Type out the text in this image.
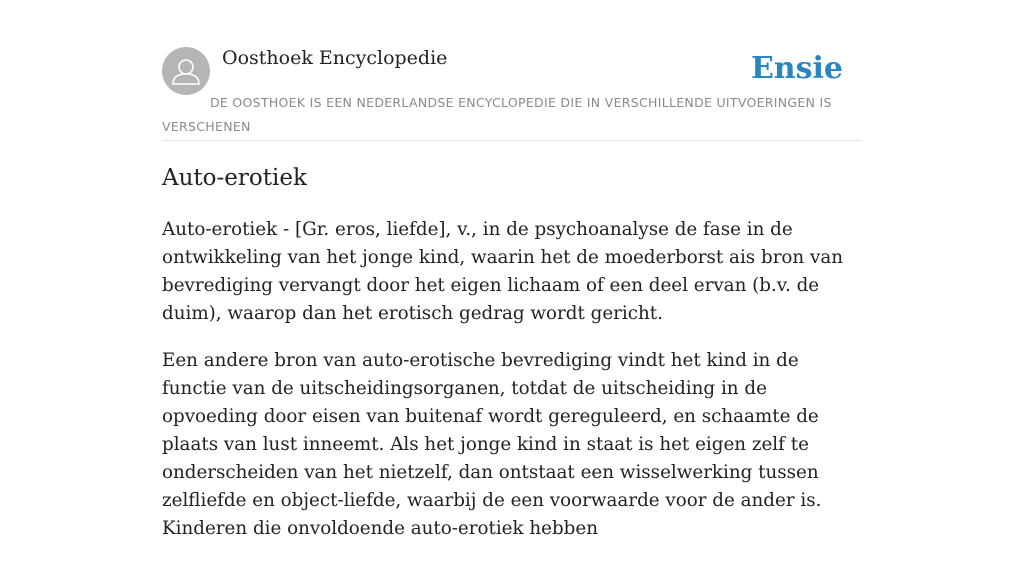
Oosthoek Encyclopedie	Ensie
DE OOSTHOEK IS EEN NEDERLANDSE ENCYCLOPEDIE DIE IN VERSCHILLENDE UITVOERINGEN IS VERSCHENEN
Auto-erotiek

Auto-erotiek - [Gr. eros, liefde], v., in de psychoanalyse de fase in de ontwikkeling van het jonge kind, waarin het de moederborst ais bron van bevrediging vervangt door het eigen lichaam of een deel ervan (b.v. de duim), waarop dan het erotisch gedrag wordt gericht.

Een andere bron van auto-erotische bevrediging vindt het kind in de functie van de uitscheidingsorganen, totdat de uitscheiding in de opvoeding door eisen van buitenaf wordt gereguleerd, en schaamte de plaats van lust inneemt. Als het jonge kind in staat is het eigen zelf te onderscheiden van het nietzelf, dan ontstaat een wisselwerking tussen zelfliefde en object-liefde, waarbij de een voorwaarde voor de ander is. Kinderen die onvoldoende auto-erotiek hebben
